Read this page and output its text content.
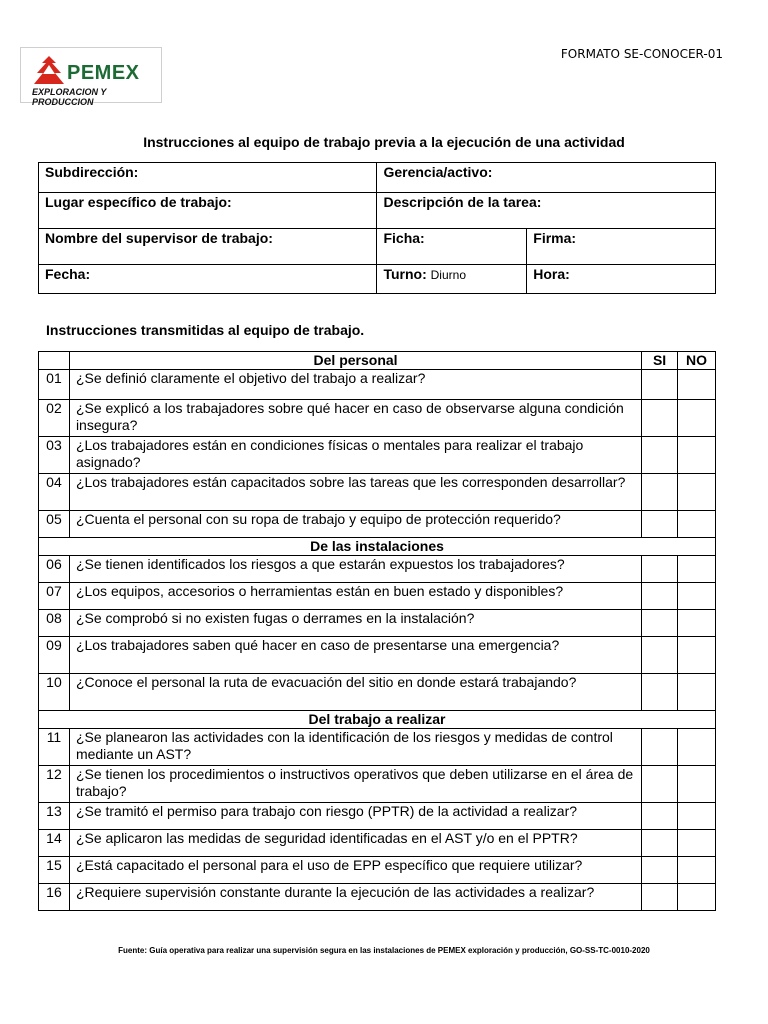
PEMEX
EXPLORACION Y PRODUCCION
FORMATO SE-CONOCER-01
Instrucciones al equipo de trabajo previa a la ejecución de una actividad
Subdirección:	Gerencia/activo:	
Lugar específico de trabajo:	Descripción de la tarea:	
Nombre del supervisor de trabajo:	Ficha:	Firma:
Fecha:	Turno: Diurno	Hora:
Instrucciones transmitidas al equipo de trabajo.
	Del personal	SI	NO
01	¿Se definió claramente el objetivo del trabajo a realizar?		
02	¿Se explicó a los trabajadores sobre qué hacer en caso de observarse alguna condición insegura?		
03	¿Los trabajadores están en condiciones físicas o mentales para realizar el trabajo asignado?		
04	¿Los trabajadores están capacitados sobre las tareas que les corresponden desarrollar?		
05	¿Cuenta el personal con su ropa de trabajo y equipo de protección requerido?		
De las instalaciones			
06	¿Se tienen identificados los riesgos a que estarán expuestos los trabajadores?		
07	¿Los equipos, accesorios o herramientas están en buen estado y disponibles?		
08	¿Se comprobó si no existen fugas o derrames en la instalación?		
09	¿Los trabajadores saben qué hacer en caso de presentarse una emergencia?		
10	¿Conoce el personal la ruta de evacuación del sitio en donde estará trabajando?		
Del trabajo a realizar			
11	¿Se planearon las actividades con la identificación de los riesgos y medidas de control mediante un AST?		
12	¿Se tienen los procedimientos o instructivos operativos que deben utilizarse en el área de trabajo?		
13	¿Se tramitó el permiso para trabajo con riesgo (PPTR) de la actividad a realizar?		
14	¿Se aplicaron las medidas de seguridad identificadas en el AST y/o en el PPTR?		
15	¿Está capacitado el personal para el uso de EPP específico que requiere utilizar?		
16	¿Requiere supervisión constante durante la ejecución de las actividades a realizar?		
Fuente: Guía operativa para realizar una supervisión segura en las instalaciones de PEMEX exploración y producción, GO-SS-TC-0010-2020
